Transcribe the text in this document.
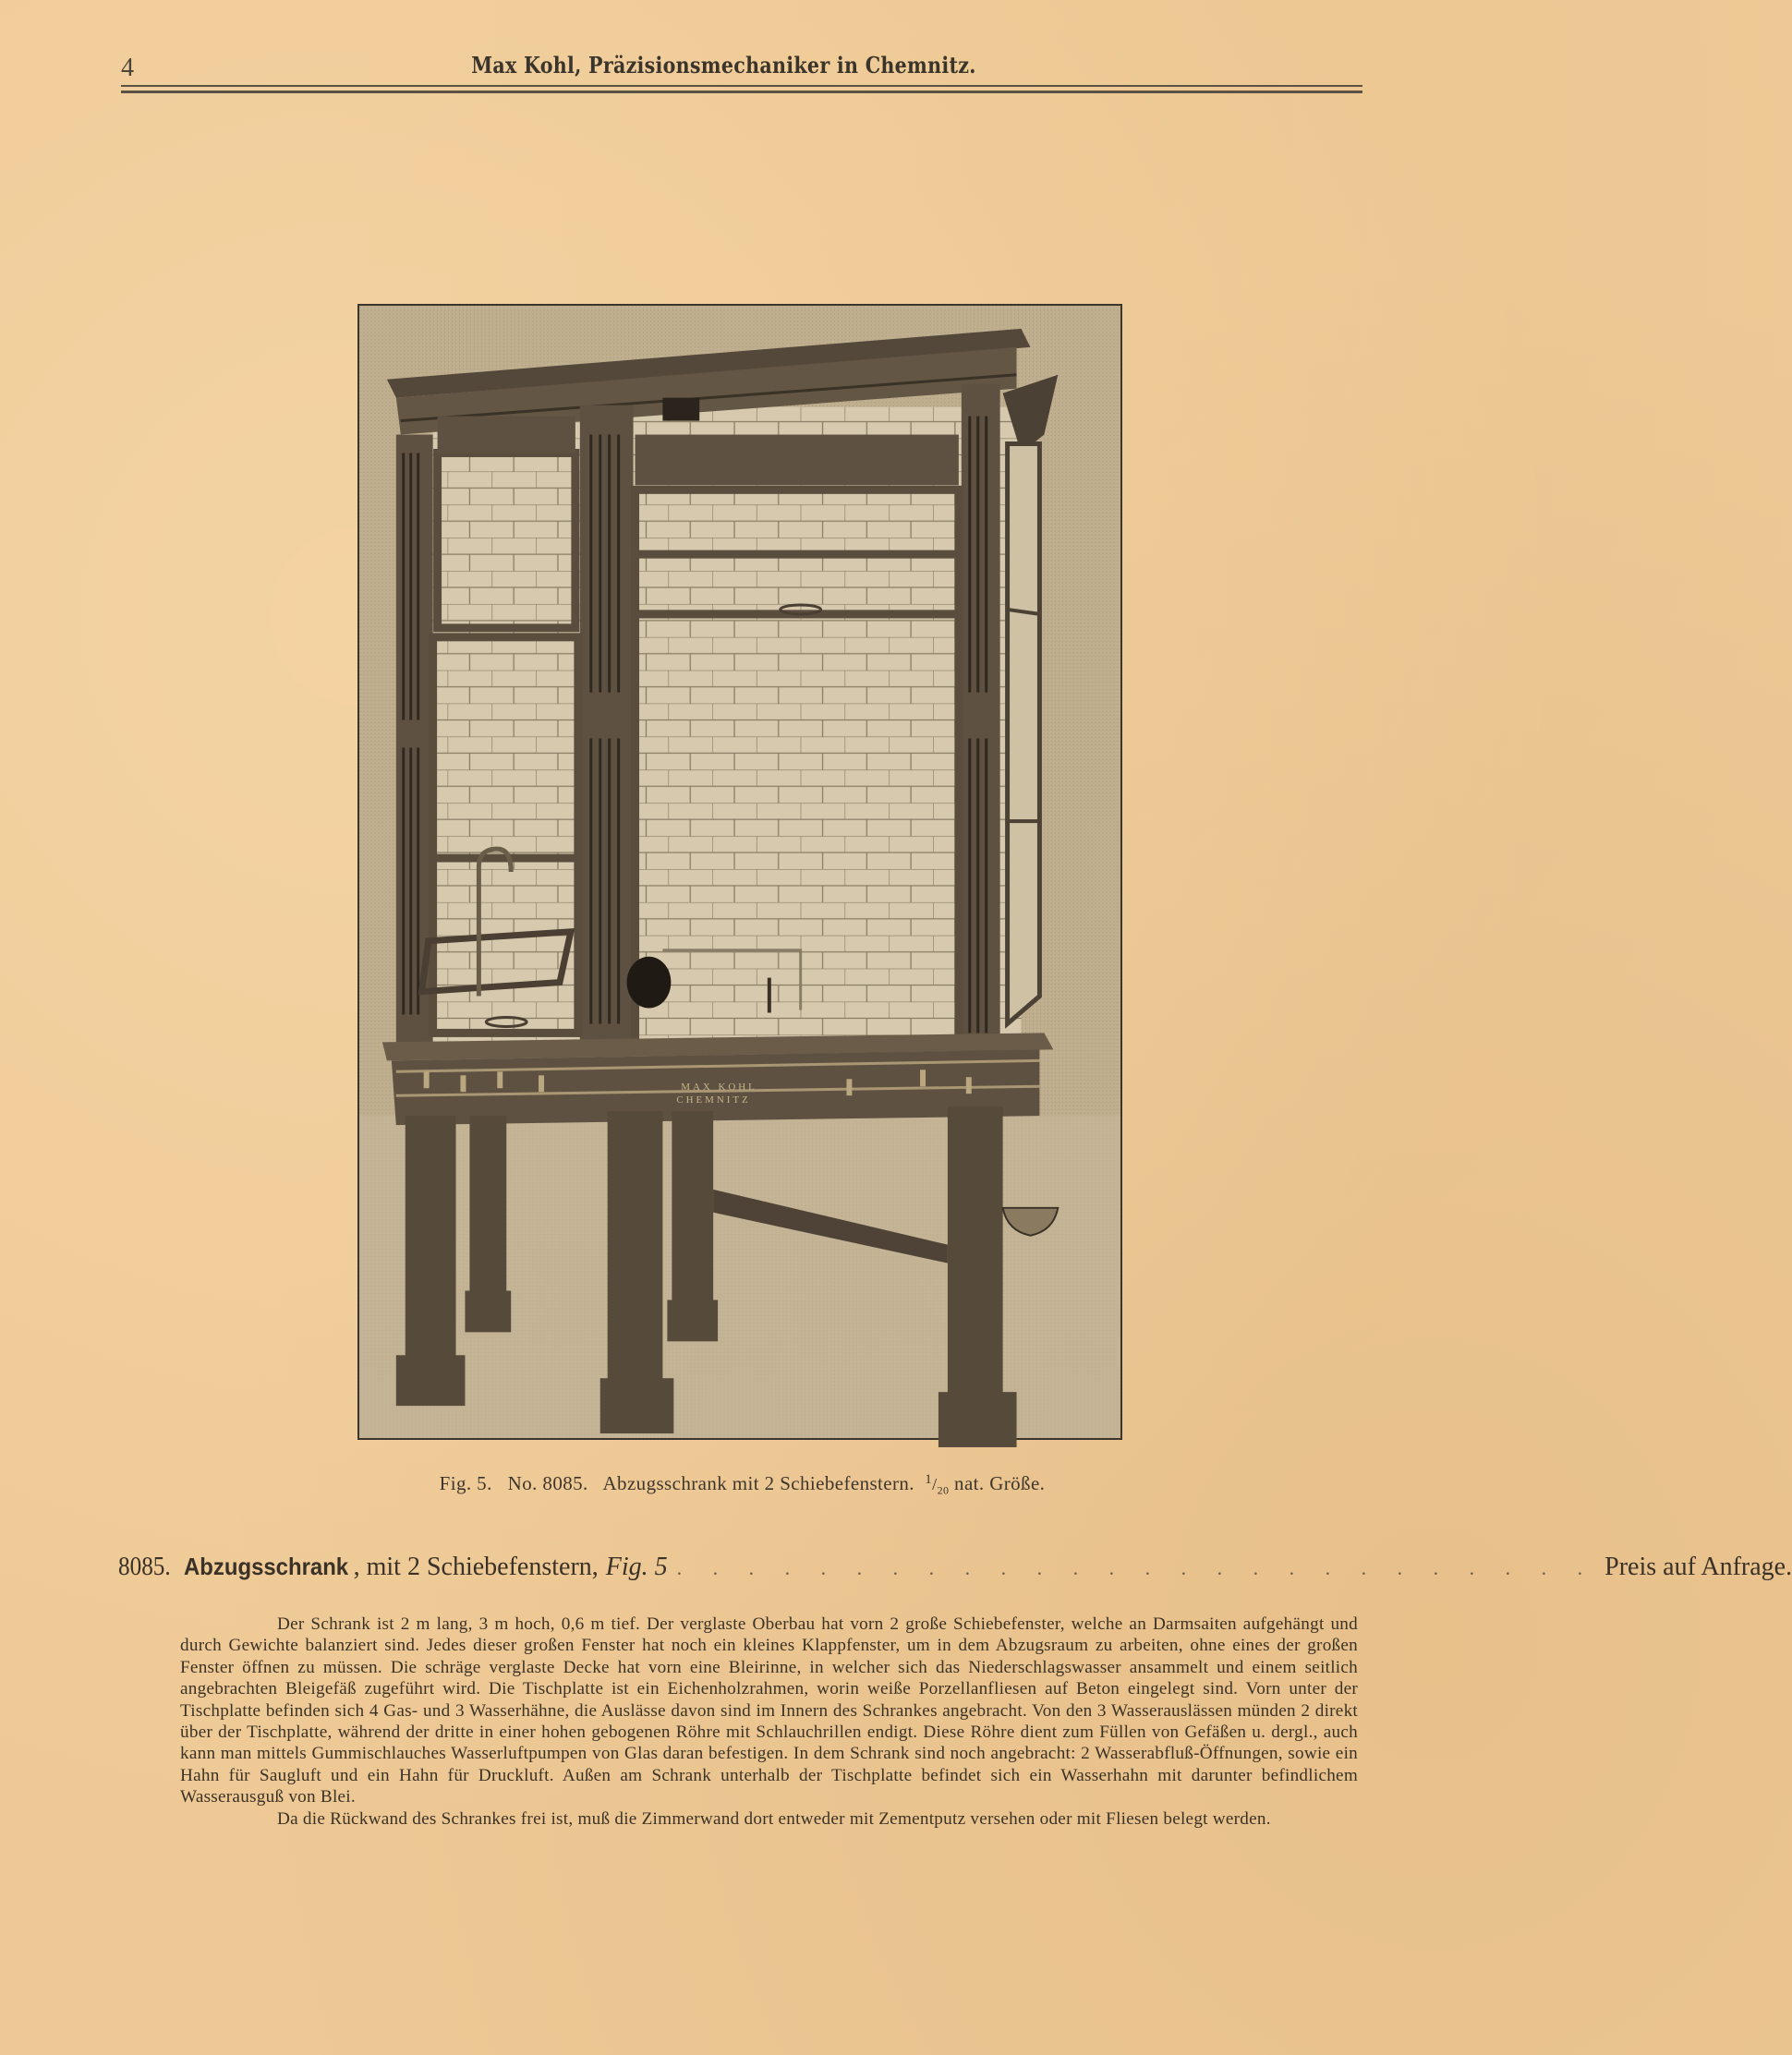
4	Max Kohl, Präzisionsmechaniker in Chemnitz.
MAX KOHL
CHEMNITZ
Fig. 5.   No. 8085.   Abzugsschrank mit 2 Schiebefenstern.  $^1/_{20}$ nat. Größe.
8085. Abzugsschrank , mit 2 Schiebefenstern, Fig. 5 . . . . . . . . . . . . . . . . . . . . . . . . . . Preis auf Anfrage.

Der Schrank ist 2 m lang, 3 m hoch, 0,6 m tief. Der verglaste Oberbau hat vorn 2 große Schiebefenster, welche an Darmsaiten aufgehängt und durch Gewichte balanziert sind. Jedes dieser großen Fenster hat noch ein kleines Klappfenster, um in dem Abzugsraum zu arbeiten, ohne eines der großen Fenster öffnen zu müssen. Die schräge verglaste Decke hat vorn eine Bleirinne, in welcher sich das Niederschlagswasser ansammelt und einem seitlich angebrachten Bleigefäß zugeführt wird. Die Tischplatte ist ein Eichenholzrahmen, worin weiße Porzellanfliesen auf Beton eingelegt sind. Vorn unter der Tischplatte befinden sich 4 Gas- und 3 Wasserhähne, die Auslässe davon sind im Innern des Schrankes angebracht. Von den 3 Wasserauslässen münden 2 direkt über der Tischplatte, während der dritte in einer hohen gebogenen Röhre mit Schlauchrillen endigt. Diese Röhre dient zum Füllen von Gefäßen u. dergl., auch kann man mittels Gummischlauches Wasserluftpumpen von Glas daran befestigen. In dem Schrank sind noch angebracht: 2 Wasserabfluß-Öffnungen, sowie ein Hahn für Saugluft und ein Hahn für Druckluft. Außen am Schrank unterhalb der Tischplatte befindet sich ein Wasserhahn mit darunter befindlichem Wasserausguß von Blei.

Da die Rückwand des Schrankes frei ist, muß die Zimmerwand dort entweder mit Zementputz versehen oder mit Fliesen belegt werden.
